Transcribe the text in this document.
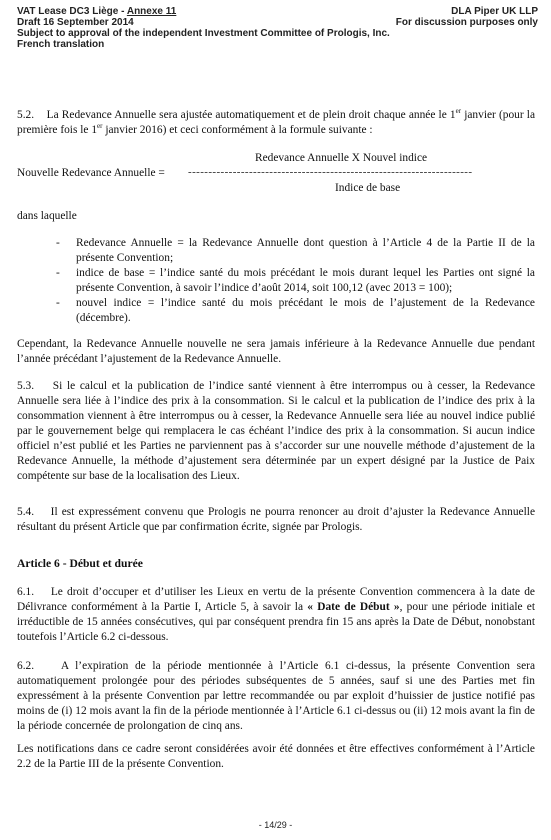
VAT Lease DC3 Liège - Annexe 11
Draft 16 September 2014
Subject to approval of the independent Investment Committee of Prologis, Inc.
French translation
DLA Piper UK LLP
For discussion purposes only
5.2.    La Redevance Annuelle sera ajustée automatiquement et de plein droit chaque année le 1er janvier (pour la première fois le 1er janvier 2016) et ceci conformément à la formule suivante :
Redevance Annuelle X Nouvel indice
Nouvelle Redevance Annuelle = ----------------------------------------------------------------------
Indice de base
dans laquelle
- Redevance Annuelle = la Redevance Annuelle dont question à l’Article 4 de la Partie II de la présente Convention;
- indice de base = l’indice santé du mois précédant le mois durant lequel les Parties ont signé la présente Convention, à savoir l’indice d’août 2014, soit 100,12 (avec 2013 = 100);
- nouvel indice = l’indice santé du mois précédant le mois de l’ajustement de la Redevance (décembre).
Cependant, la Redevance Annuelle nouvelle ne sera jamais inférieure à la Redevance Annuelle due pendant l’année précédant l’ajustement de la Redevance Annuelle.
5.3.    Si le calcul et la publication de l’indice santé viennent à être interrompus ou à cesser, la Redevance Annuelle sera liée à l’indice des prix à la consommation. Si le calcul et la publication de l’indice des prix à la consommation viennent à être interrompus ou à cesser, la Redevance Annuelle sera liée au nouvel indice publié par le gouvernement belge qui remplacera le cas échéant l’indice des prix à la consommation. Si aucun indice officiel n’est publié et les Parties ne parviennent pas à s’accorder sur une nouvelle méthode d’ajustement de la Redevance Annuelle, la méthode d’ajustement sera déterminée par un expert désigné par la Justice de Paix compétente sur base de la localisation des Lieux.
5.4.    Il est expressément convenu que Prologis ne pourra renoncer au droit d’ajuster la Redevance Annuelle résultant du présent Article que par confirmation écrite, signée par Prologis.
Article 6 - Début et durée
6.1.    Le droit d’occuper et d’utiliser les Lieux en vertu de la présente Convention commencera à la date de Délivrance conformément à la Partie I, Article 5, à savoir la « Date de Début », pour une période initiale et irréductible de 15 années consécutives, qui par conséquent prendra fin 15 ans après la Date de Début, nonobstant toutefois l’Article 6.2 ci-dessous.
6.2.    A l’expiration de la période mentionnée à l’Article 6.1 ci-dessus, la présente Convention sera automatiquement prolongée pour des périodes subséquentes de 5 années, sauf si une des Parties met fin expressément à la présente Convention par lettre recommandée ou par exploit d’huissier de justice notifié pas moins de (i) 12 mois avant la fin de la période mentionnée à l’Article 6.1 ci-dessus ou (ii) 12 mois avant la fin de la période concernée de prolongation de cinq ans.
Les notifications dans ce cadre seront considérées avoir été données et être effectives conformément à l’Article 2.2 de la Partie III de la présente Convention.
- 14/29 -
